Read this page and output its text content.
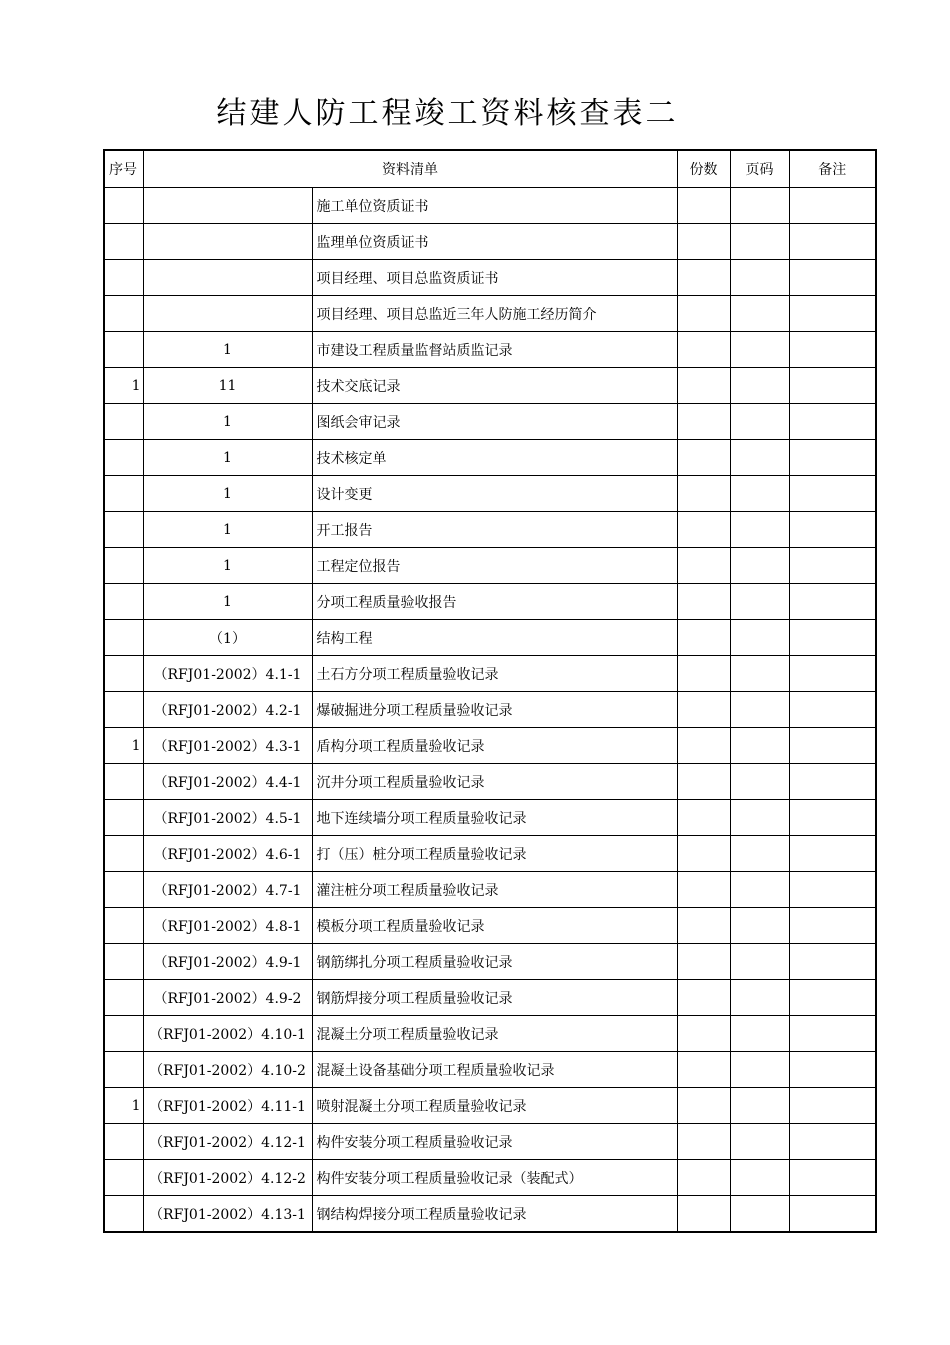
结建人防工程竣工资料核查表二
序号	资料清单		份数	页码	备注
		施工单位资质证书			
		监理单位资质证书			
		项目经理、项目总监资质证书			
		项目经理、项目总监近三年人防施工经历简介			
	1	市建设工程质量监督站质监记录			
1	11	技术交底记录			
	1	图纸会审记录			
	1	技术核定单			
	1	设计变更			
	1	开工报告			
	1	工程定位报告			
	1	分项工程质量验收报告			
	（1）	结构工程			
	（RFJ01-2002）4.1-1	土石方分项工程质量验收记录			
	（RFJ01-2002）4.2-1	爆破掘进分项工程质量验收记录			
1	（RFJ01-2002）4.3-1	盾构分项工程质量验收记录			
	（RFJ01-2002）4.4-1	沉井分项工程质量验收记录			
	（RFJ01-2002）4.5-1	地下连续墙分项工程质量验收记录			
	（RFJ01-2002）4.6-1	打（压）桩分项工程质量验收记录			
	（RFJ01-2002）4.7-1	灌注桩分项工程质量验收记录			
	（RFJ01-2002）4.8-1	模板分项工程质量验收记录			
	（RFJ01-2002）4.9-1	钢筋绑扎分项工程质量验收记录			
	（RFJ01-2002）4.9-2	钢筋焊接分项工程质量验收记录			
	（RFJ01-2002）4.10-1	混凝土分项工程质量验收记录			
	（RFJ01-2002）4.10-2	混凝土设备基础分项工程质量验收记录			
1	（RFJ01-2002）4.11-1	喷射混凝土分项工程质量验收记录			
	（RFJ01-2002）4.12-1	构件安装分项工程质量验收记录			
	（RFJ01-2002）4.12-2	构件安装分项工程质量验收记录（装配式）			
	（RFJ01-2002）4.13-1	钢结构焊接分项工程质量验收记录			
